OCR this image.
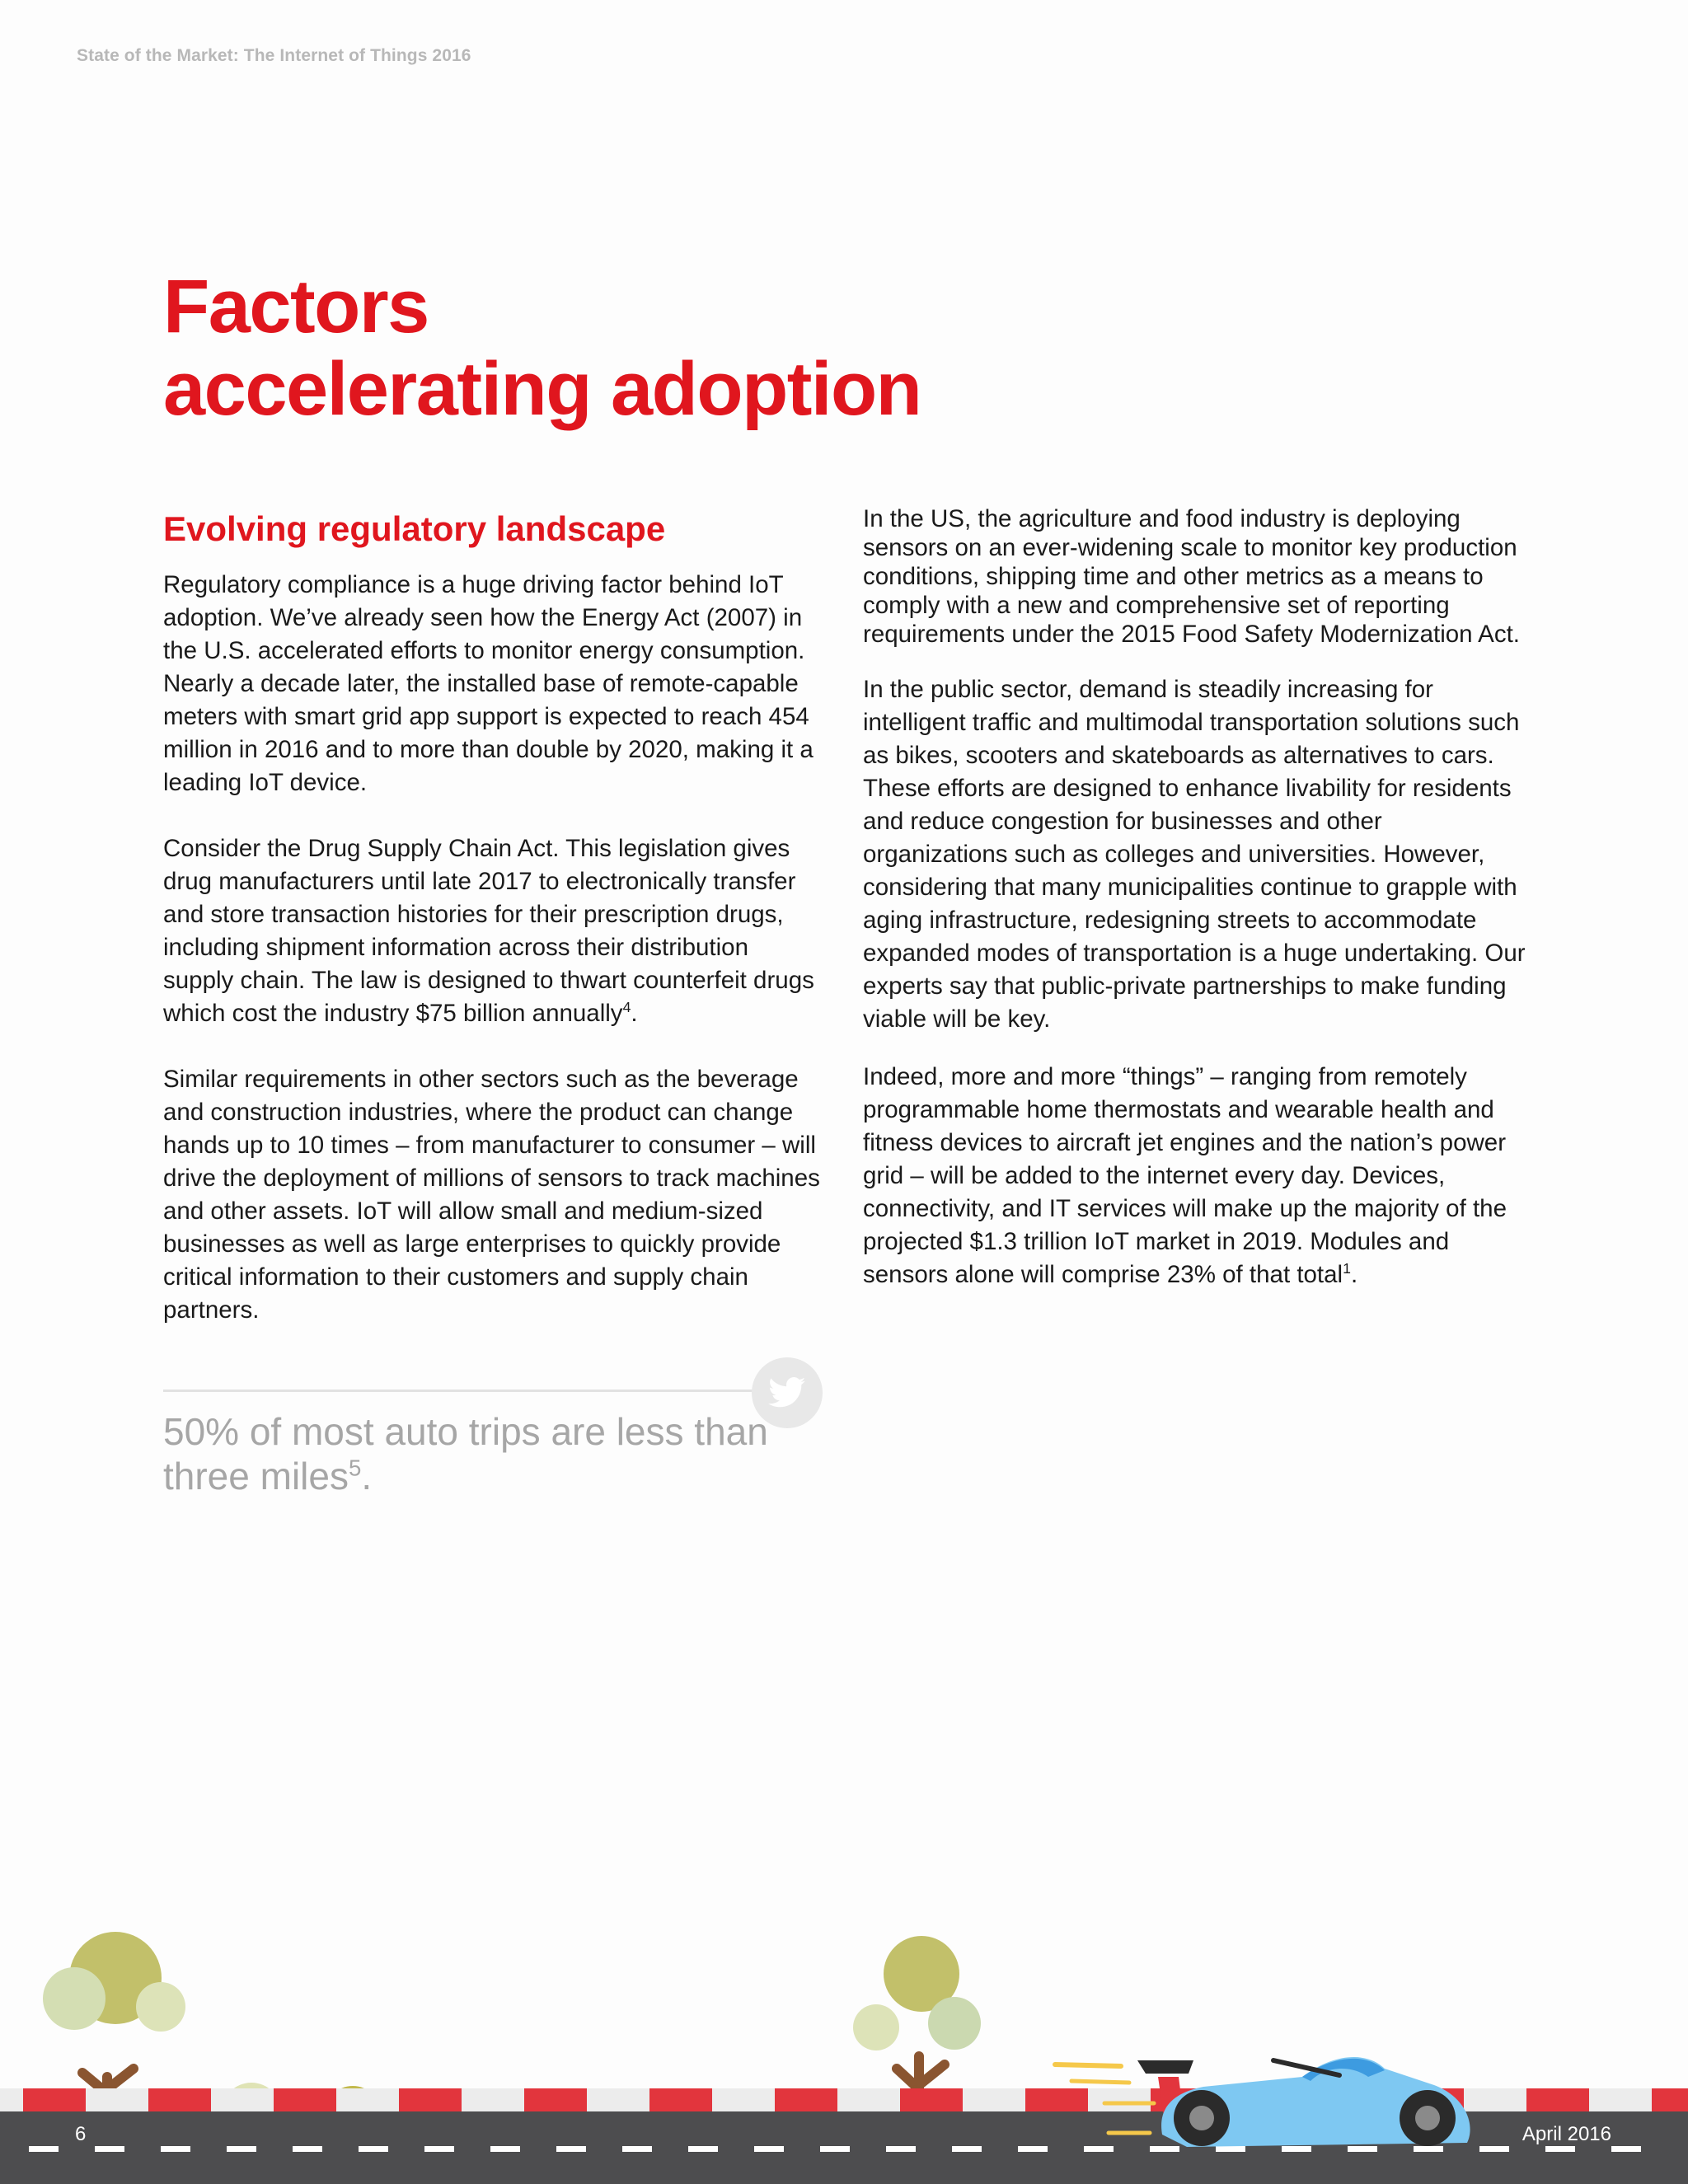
State of the Market: The Internet of Things 2016
Factors
accelerating adoption
Evolving regulatory landscape

Regulatory compliance is a huge driving factor behind IoT adoption. We’ve already seen how the Energy Act (2007) in the U.S. accelerated efforts to monitor energy consumption. Nearly a decade later, the installed base of remote-capable meters with smart grid app support is expected to reach 454 million in 2016 and to more than double by 2020, making it a leading IoT device.

Consider the Drug Supply Chain Act. This legislation gives drug manufacturers until late 2017 to electronically transfer and store transaction histories for their prescription drugs, including shipment information across their distribution supply chain. The law is designed to thwart counterfeit drugs which cost the industry $75 billion annually$^4$.

Similar requirements in other sectors such as the beverage and construction industries, where the product can change hands up to 10 times – from manufacturer to consumer – will drive the deployment of millions of sensors to track machines and other assets. IoT will allow small and medium-sized businesses as well as large enterprises to quickly provide critical information to their customers and supply chain partners.

50% of most auto trips are less than three miles$^5$.

In the US, the agriculture and food industry is deploying sensors on an ever-widening scale to monitor key production conditions, shipping time and other metrics as a means to comply with a new and comprehensive set of reporting requirements under the 2015 Food Safety Modernization Act.

In the public sector, demand is steadily increasing for intelligent traffic and multimodal transportation solutions such as bikes, scooters and skateboards as alternatives to cars. These efforts are designed to enhance livability for residents and reduce congestion for businesses and other organizations such as colleges and universities. However, considering that many municipalities continue to grapple with aging infrastructure, redesigning streets to accommodate expanded modes of transportation is a huge undertaking. Our experts say that public-private partnerships to make funding viable will be key.

Indeed, more and more “things” – ranging from remotely programmable home thermostats and wearable health and fitness devices to aircraft jet engines and the nation’s power grid – will be added to the internet every day. Devices, connectivity, and IT services will make up the majority of the projected $1.3 trillion IoT market in 2019. Modules and sensors alone will comprise 23% of that total$^1$.

6	April 2016
